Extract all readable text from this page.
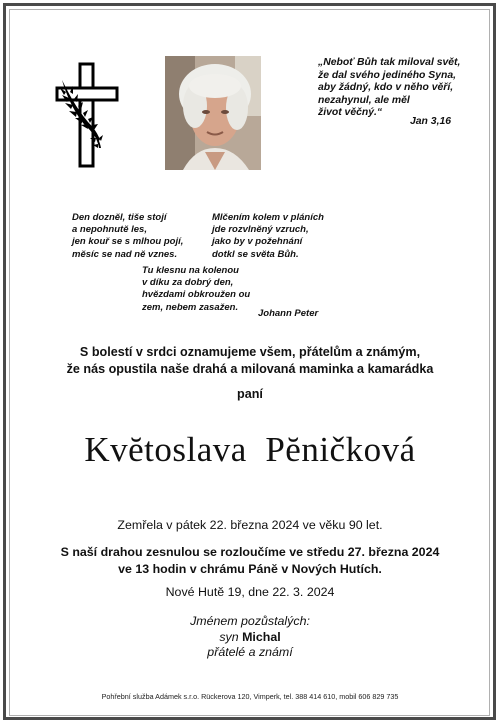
„Neboť Bůh tak miloval svět,
že dal svého jediného Syna,
aby žádný, kdo v něho věří,
nezahynul, ale měl
život věčný.“
Jan 3,16
Den doznĕl, tiše stojí
a nepohnutĕ les,
jen kouř se s mlhou pojí,
mĕsíc se nad nĕ vznes.
Mlčením kolem v pláních
jde rozvlnĕný vzruch,
jako by v požehnání
dotkl se svĕta Bůh.
Tu klesnu na kolenou
v díku za dobrý den,
hvĕzdami obkroužen ou
zem, nebem zasažen.
Johann Peter
S bolestí v srdci oznamujeme všem, přátelům a známým,
že nás opustila naše drahá a milovaná maminka a kamarádka
paní
Kvĕtoslava  Pĕničková
Zemřela v pátek 22. března 2024 ve vĕku 90 let.
S naší drahou zesnulou se rozloučíme ve středu 27. března 2024
ve 13 hodin v chrámu Pánĕ v Nových Hutích.
Nové Hutĕ 19, dne 22. 3. 2024
Jménem pozůstalých:
syn Michal
přátelé a známí
Pohřební služba Adámek s.r.o. Rückerova 120, Vimperk, tel. 388 414 610, mobil 606 829 735
